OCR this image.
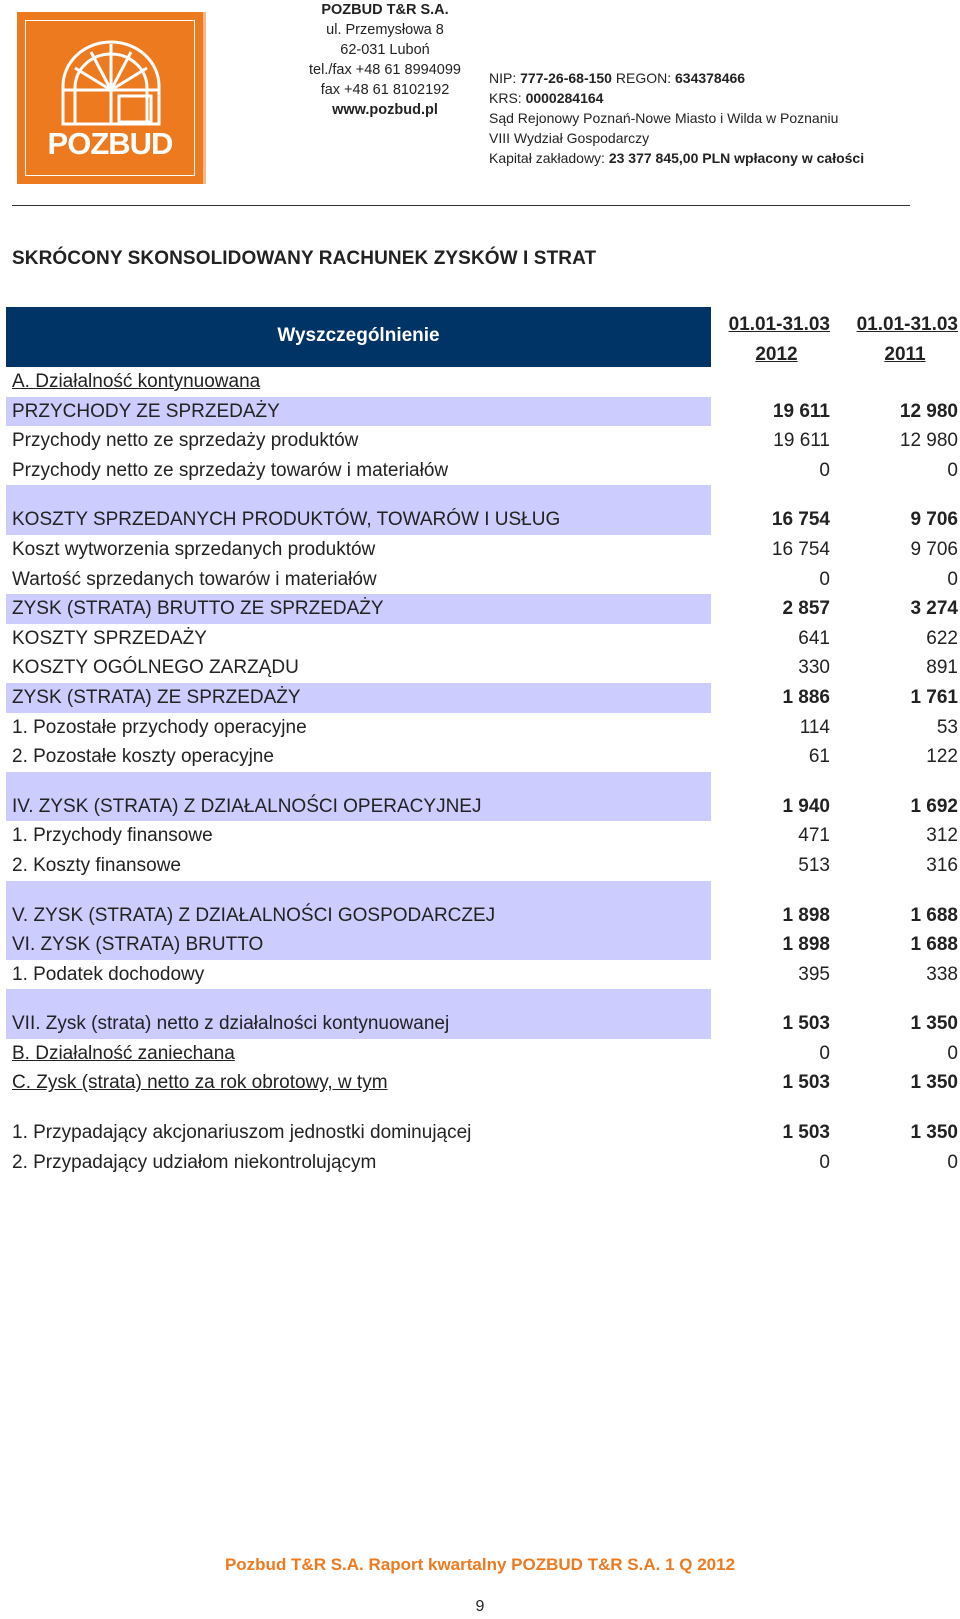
POZBUD
POZBUD T&R S.A.
ul. Przemysłowa 8
62-031 Luboń
tel./fax +48 61 8994099
fax +48 61 8102192
www.pozbud.pl
NIP: 777-26-68-150 REGON: 634378466
KRS: 0000284164
Sąd Rejonowy Poznań-Nowe Miasto i Wilda w Poznaniu
VIII Wydział Gospodarczy
Kapitał zakładowy: 23 377 845,00 PLN wpłacony w całości
SKRÓCONY SKONSOLIDOWANY RACHUNEK ZYSKÓW I STRAT
Wyszczególnienie
01.01-31.03
2012
01.01-31.03
2011
A. Działalność kontynuowana
PRZYCHODY ZE SPRZEDAŻY	19 611	12 980
Przychody netto ze sprzedaży produktów	19 611	12 980
Przychody netto ze sprzedaży towarów i materiałów	0	0
KOSZTY SPRZEDANYCH PRODUKTÓW, TOWARÓW I USŁUG	16 754	9 706
Koszt wytworzenia sprzedanych produktów	16 754	9 706
Wartość sprzedanych towarów i materiałów	0	0
ZYSK (STRATA) BRUTTO ZE SPRZEDAŻY	2 857	3 274
KOSZTY SPRZEDAŻY	641	622
KOSZTY OGÓLNEGO ZARZĄDU	330	891
ZYSK (STRATA) ZE SPRZEDAŻY	1 886	1 761
1. Pozostałe przychody operacyjne	114	53
2. Pozostałe koszty operacyjne	61	122
IV. ZYSK (STRATA) Z DZIAŁALNOŚCI OPERACYJNEJ	1 940	1 692
1. Przychody finansowe	471	312
2. Koszty finansowe	513	316
V. ZYSK (STRATA) Z DZIAŁALNOŚCI GOSPODARCZEJ	1 898	1 688
VI. ZYSK (STRATA) BRUTTO	1 898	1 688
1. Podatek dochodowy	395	338
VII. Zysk (strata) netto z działalności kontynuowanej	1 503	1 350
B. Działalność zaniechana	0	0
C. Zysk (strata) netto za rok obrotowy, w tym	1 503	1 350
1. Przypadający akcjonariuszom jednostki dominującej	1 503	1 350
2. Przypadający udziałom niekontrolującym	0	0
Pozbud T&R S.A. Raport kwartalny POZBUD T&R S.A. 1 Q 2012
9
